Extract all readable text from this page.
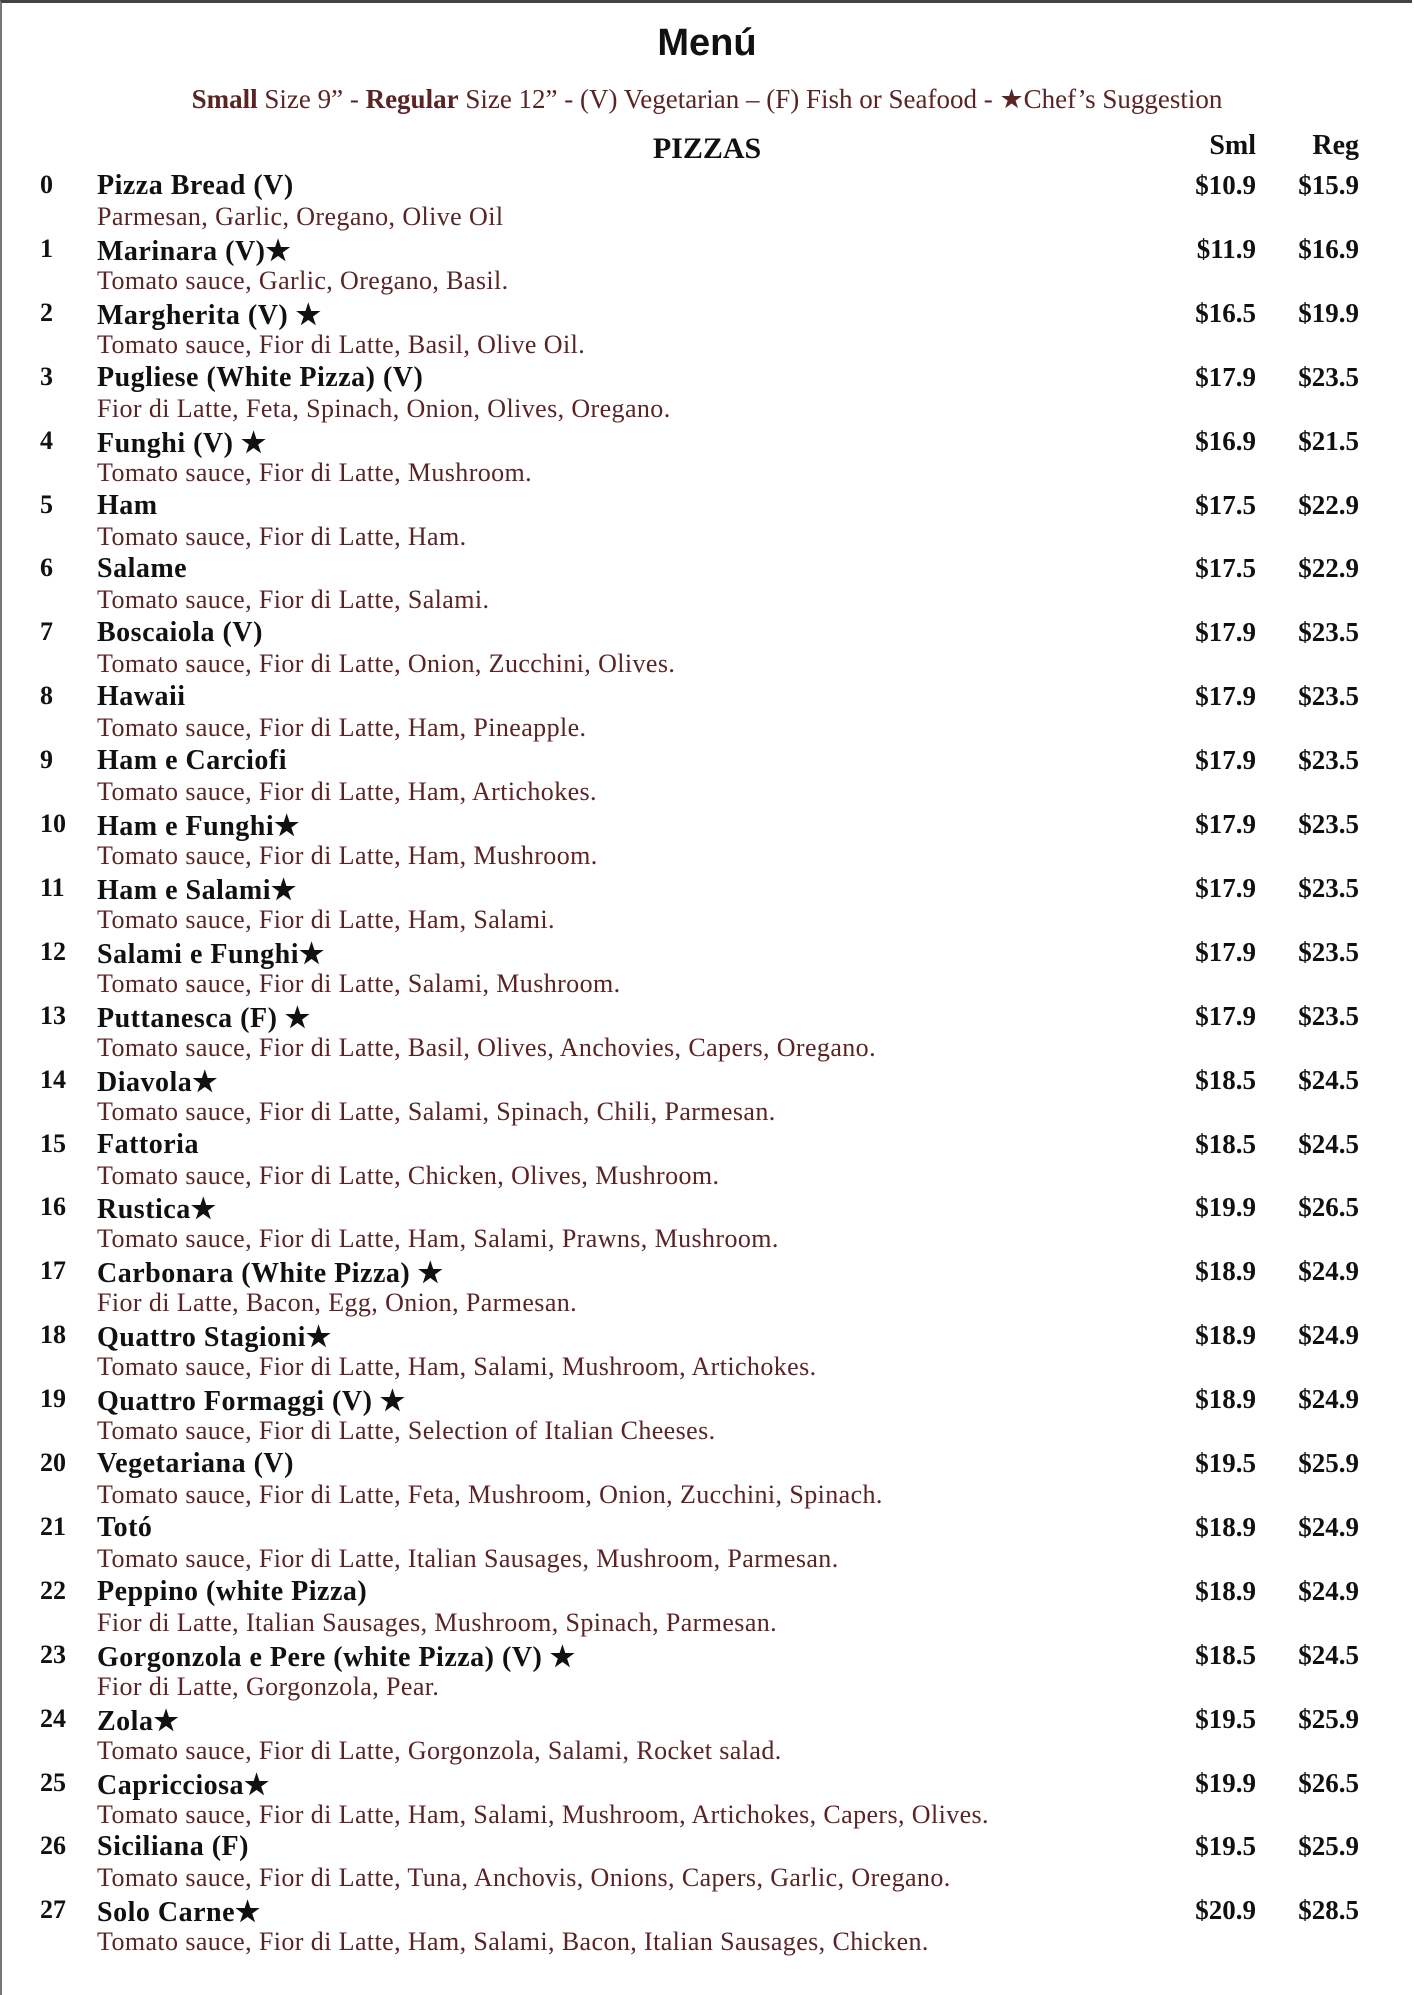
Menú
Small Size 9” - Regular Size 12” - (V) Vegetarian – (F) Fish or Seafood - ★Chef’s Suggestion
PIZZAS	Sml	Reg
0	Pizza Bread (V)
Parmesan, Garlic, Oregano, Olive Oil
$10.9	$15.9
1	Marinara (V)★
Tomato sauce, Garlic, Oregano, Basil.
$11.9	$16.9
2	Margherita (V) ★
Tomato sauce, Fior di Latte, Basil, Olive Oil.
$16.5	$19.9
3	Pugliese (White Pizza) (V)
Fior di Latte, Feta, Spinach, Onion, Olives, Oregano.
$17.9	$23.5
4	Funghi (V) ★
Tomato sauce, Fior di Latte, Mushroom.
$16.9	$21.5
5	Ham
Tomato sauce, Fior di Latte, Ham.
$17.5	$22.9
6	Salame
Tomato sauce, Fior di Latte, Salami.
$17.5	$22.9
7	Boscaiola (V)
Tomato sauce, Fior di Latte, Onion, Zucchini, Olives.
$17.9	$23.5
8	Hawaii
Tomato sauce, Fior di Latte, Ham, Pineapple.
$17.9	$23.5
9	Ham e Carciofi
Tomato sauce, Fior di Latte, Ham, Artichokes.
$17.9	$23.5
10	Ham e Funghi★
Tomato sauce, Fior di Latte, Ham, Mushroom.
$17.9	$23.5
11	Ham e Salami★
Tomato sauce, Fior di Latte, Ham, Salami.
$17.9	$23.5
12	Salami e Funghi★
Tomato sauce, Fior di Latte, Salami, Mushroom.
$17.9	$23.5
13	Puttanesca (F) ★
Tomato sauce, Fior di Latte, Basil, Olives, Anchovies, Capers, Oregano.
$17.9	$23.5
14	Diavola★
Tomato sauce, Fior di Latte, Salami, Spinach, Chili, Parmesan.
$18.5	$24.5
15	Fattoria
Tomato sauce, Fior di Latte, Chicken, Olives, Mushroom.
$18.5	$24.5
16	Rustica★
Tomato sauce, Fior di Latte, Ham, Salami, Prawns, Mushroom.
$19.9	$26.5
17	Carbonara (White Pizza) ★
Fior di Latte, Bacon, Egg, Onion, Parmesan.
$18.9	$24.9
18	Quattro Stagioni★
Tomato sauce, Fior di Latte, Ham, Salami, Mushroom, Artichokes.
$18.9	$24.9
19	Quattro Formaggi (V) ★
Tomato sauce, Fior di Latte, Selection of Italian Cheeses.
$18.9	$24.9
20	Vegetariana (V)
Tomato sauce, Fior di Latte, Feta, Mushroom, Onion, Zucchini, Spinach.
$19.5	$25.9
21	Totó
Tomato sauce, Fior di Latte, Italian Sausages, Mushroom, Parmesan.
$18.9	$24.9
22	Peppino (white Pizza)
Fior di Latte, Italian Sausages, Mushroom, Spinach, Parmesan.
$18.9	$24.9
23	Gorgonzola e Pere (white Pizza) (V) ★
Fior di Latte, Gorgonzola, Pear.
$18.5	$24.5
24	Zola★
Tomato sauce, Fior di Latte, Gorgonzola, Salami, Rocket salad.
$19.5	$25.9
25	Capricciosa★
Tomato sauce, Fior di Latte, Ham, Salami, Mushroom, Artichokes, Capers, Olives.
$19.9	$26.5
26	Siciliana (F)
Tomato sauce, Fior di Latte, Tuna, Anchovis, Onions, Capers, Garlic, Oregano.
$19.5	$25.9
27	Solo Carne★
Tomato sauce, Fior di Latte, Ham, Salami, Bacon, Italian Sausages, Chicken.
$20.9	$28.5
